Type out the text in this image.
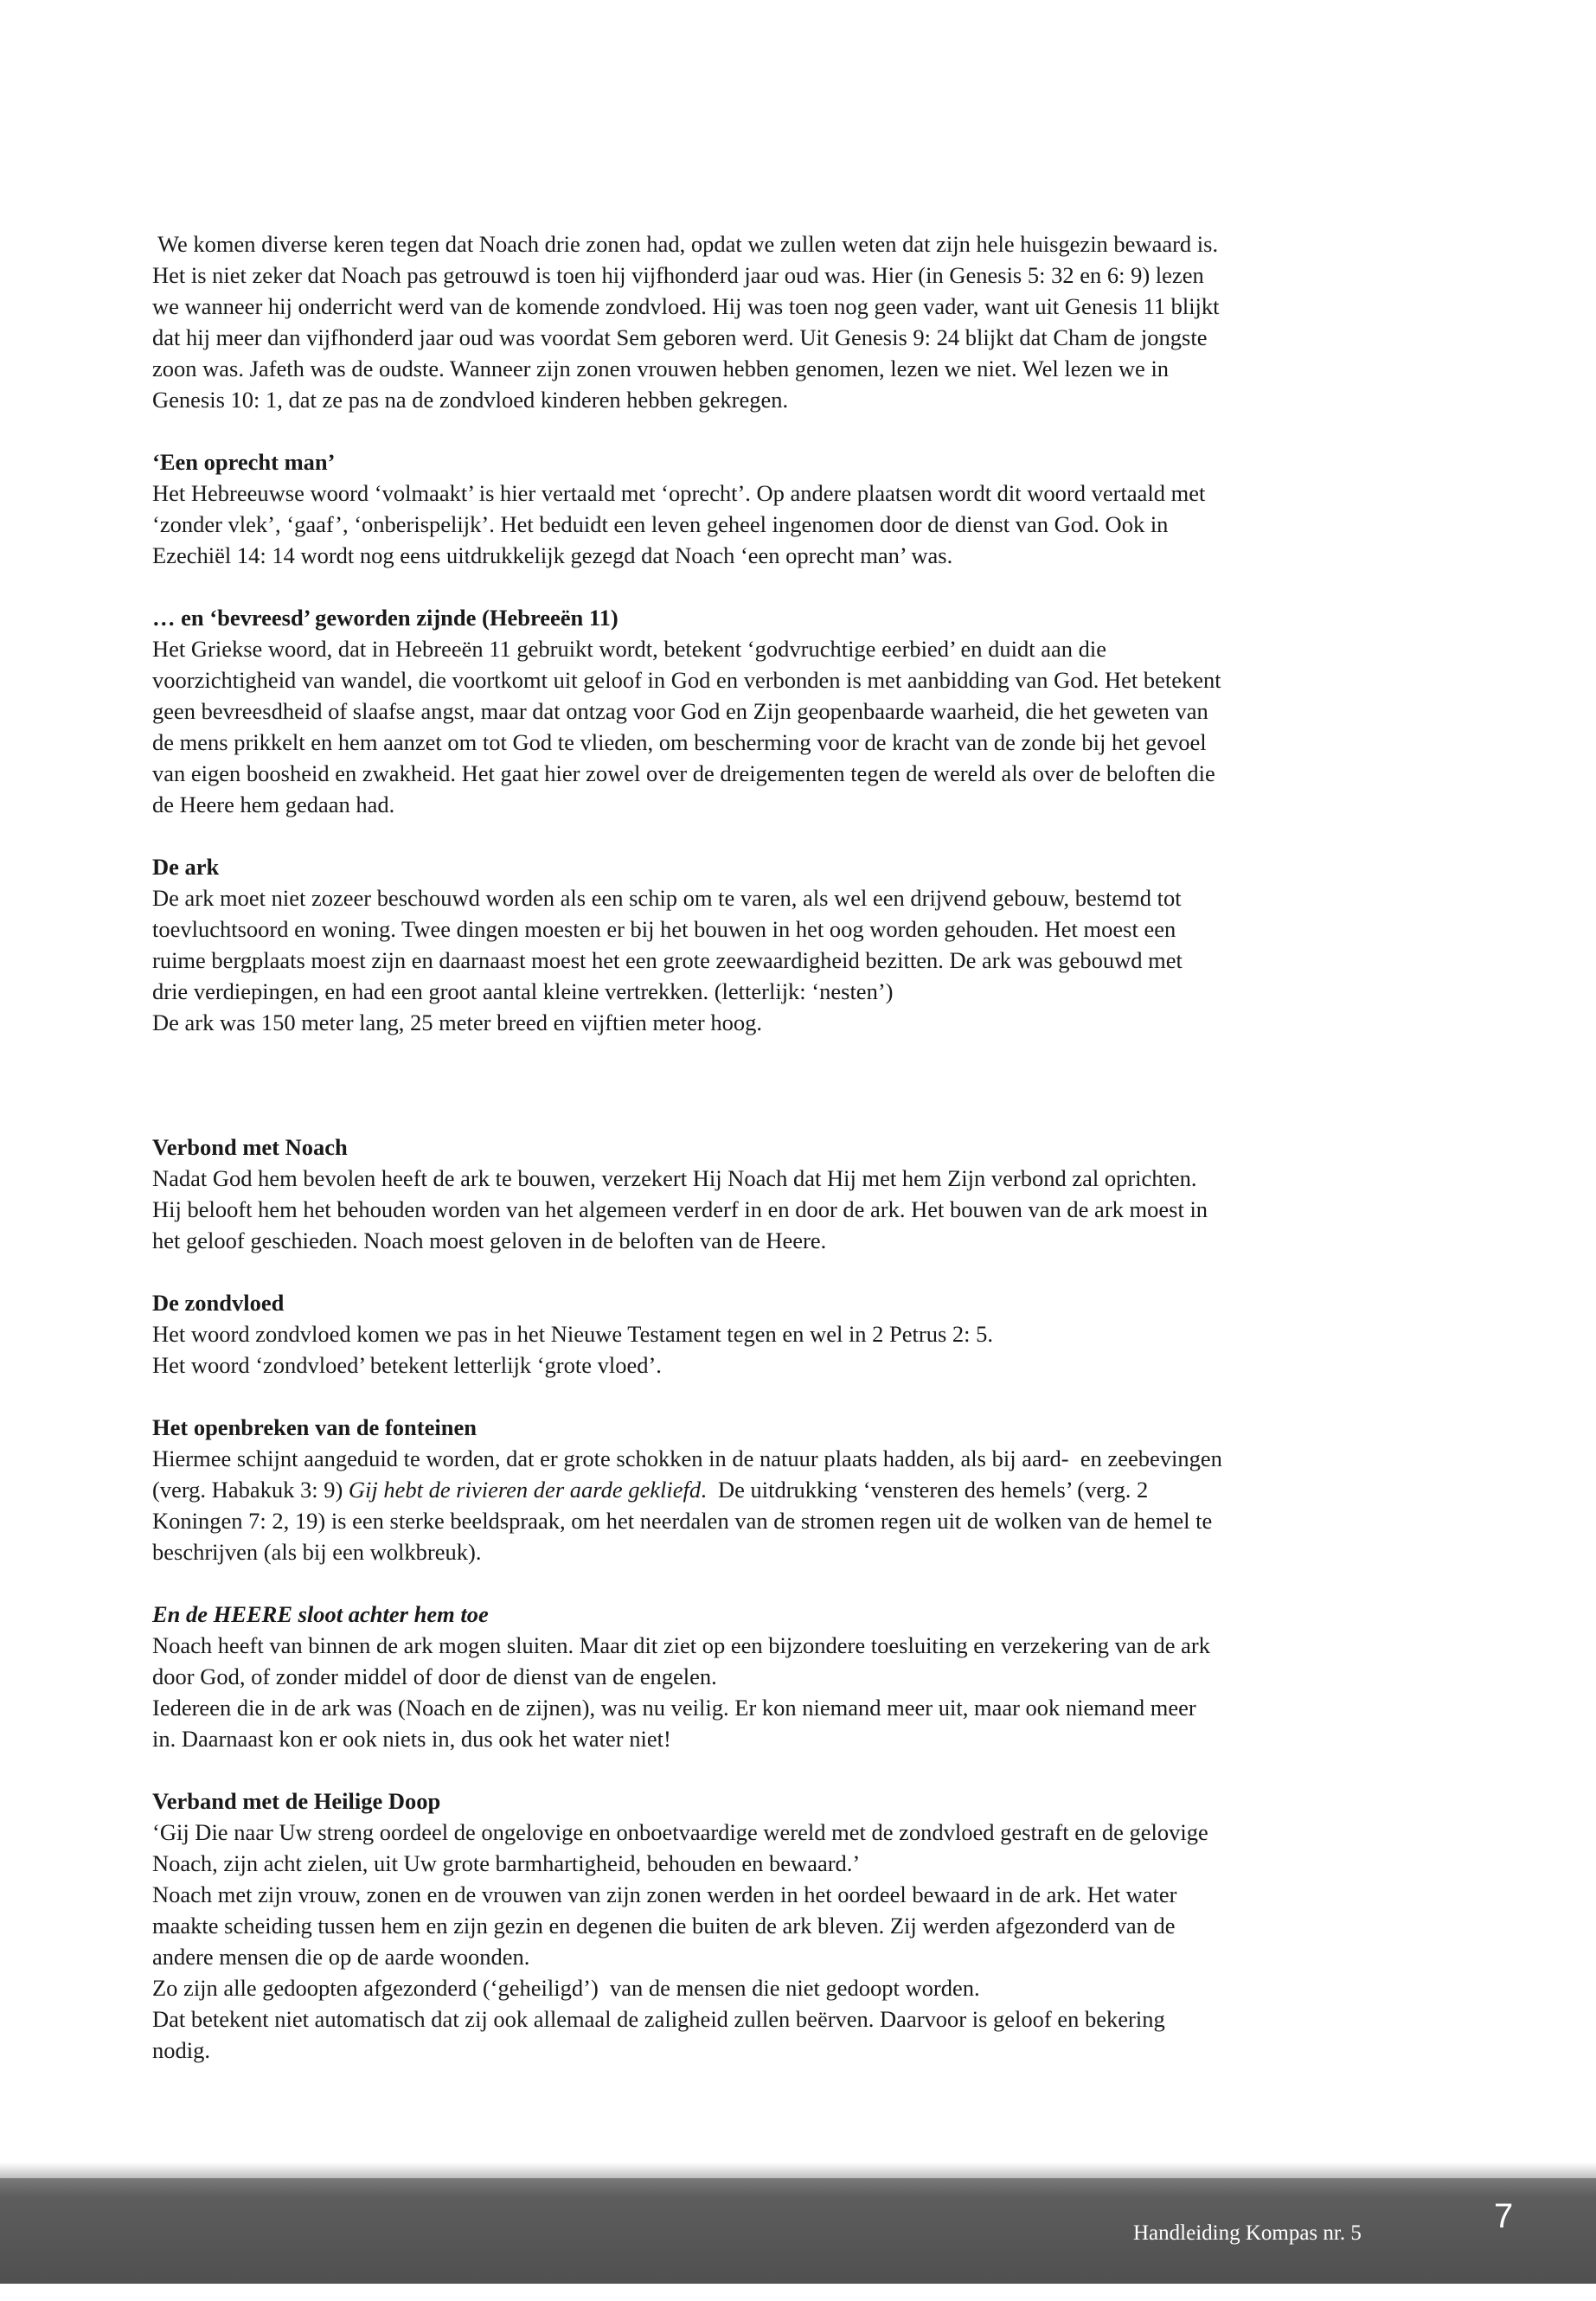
We komen diverse keren tegen dat Noach drie zonen had, opdat we zullen weten dat zijn hele huisgezin bewaard is.
Het is niet zeker dat Noach pas getrouwd is toen hij vijfhonderd jaar oud was. Hier (in Genesis 5: 32 en 6: 9) lezen
we wanneer hij onderricht werd van de komende zondvloed. Hij was toen nog geen vader, want uit Genesis 11 blijkt
dat hij meer dan vijfhonderd jaar oud was voordat Sem geboren werd. Uit Genesis 9: 24 blijkt dat Cham de jongste
zoon was. Jafeth was de oudste. Wanneer zijn zonen vrouwen hebben genomen, lezen we niet. Wel lezen we in
Genesis 10: 1, dat ze pas na de zondvloed kinderen hebben gekregen.

‘Een oprecht man’

Het Hebreeuwse woord ‘volmaakt’ is hier vertaald met ‘oprecht’. Op andere plaatsen wordt dit woord vertaald met
‘zonder vlek’, ‘gaaf’, ‘onberispelijk’. Het beduidt een leven geheel ingenomen door de dienst van God. Ook in
Ezechiël 14: 14 wordt nog eens uitdrukkelijk gezegd dat Noach ‘een oprecht man’ was.

… en ‘bevreesd’ geworden zijnde (Hebreeën 11)

Het Griekse woord, dat in Hebreeën 11 gebruikt wordt, betekent ‘godvruchtige eerbied’ en duidt aan die
voorzichtigheid van wandel, die voortkomt uit geloof in God en verbonden is met aanbidding van God. Het betekent
geen bevreesdheid of slaafse angst, maar dat ontzag voor God en Zijn geopenbaarde waarheid, die het geweten van
de mens prikkelt en hem aanzet om tot God te vlieden, om bescherming voor de kracht van de zonde bij het gevoel
van eigen boosheid en zwakheid. Het gaat hier zowel over de dreigementen tegen de wereld als over de beloften die
de Heere hem gedaan had.

De ark

De ark moet niet zozeer beschouwd worden als een schip om te varen, als wel een drijvend gebouw, bestemd tot
toevluchtsoord en woning. Twee dingen moesten er bij het bouwen in het oog worden gehouden. Het moest een
ruime bergplaats moest zijn en daarnaast moest het een grote zeewaardigheid bezitten. De ark was gebouwd met
drie verdiepingen, en had een groot aantal kleine vertrekken. (letterlijk: ‘nesten’)
De ark was 150 meter lang, 25 meter breed en vijftien meter hoog.

Verbond met Noach

Nadat God hem bevolen heeft de ark te bouwen, verzekert Hij Noach dat Hij met hem Zijn verbond zal oprichten.
Hij belooft hem het behouden worden van het algemeen verderf in en door de ark. Het bouwen van de ark moest in
het geloof geschieden. Noach moest geloven in de beloften van de Heere.

De zondvloed

Het woord zondvloed komen we pas in het Nieuwe Testament tegen en wel in 2 Petrus 2: 5.
Het woord ‘zondvloed’ betekent letterlijk ‘grote vloed’.

Het openbreken van de fonteinen

Hiermee schijnt aangeduid te worden, dat er grote schokken in de natuur plaats hadden, als bij aard-  en zeebevingen
(verg. Habakuk 3: 9) Gij hebt de rivieren der aarde gekliefd.  De uitdrukking ‘vensteren des hemels’ (verg. 2
Koningen 7: 2, 19) is een sterke beeldspraak, om het neerdalen van de stromen regen uit de wolken van de hemel te
beschrijven (als bij een wolkbreuk).

En de HEERE sloot achter hem toe

Noach heeft van binnen de ark mogen sluiten. Maar dit ziet op een bijzondere toesluiting en verzekering van de ark
door God, of zonder middel of door de dienst van de engelen.
Iedereen die in de ark was (Noach en de zijnen), was nu veilig. Er kon niemand meer uit, maar ook niemand meer
in. Daarnaast kon er ook niets in, dus ook het water niet!

Verband met de Heilige Doop

‘Gij Die naar Uw streng oordeel de ongelovige en onboetvaardige wereld met de zondvloed gestraft en de gelovige
Noach, zijn acht zielen, uit Uw grote barmhartigheid, behouden en bewaard.’
Noach met zijn vrouw, zonen en de vrouwen van zijn zonen werden in het oordeel bewaard in de ark. Het water
maakte scheiding tussen hem en zijn gezin en degenen die buiten de ark bleven. Zij werden afgezonderd van de
andere mensen die op de aarde woonden.
Zo zijn alle gedoopten afgezonderd (‘geheiligd’)  van de mensen die niet gedoopt worden.
Dat betekent niet automatisch dat zij ook allemaal de zaligheid zullen beërven. Daarvoor is geloof en bekering
nodig.
Handleiding Kompas nr. 5	7
